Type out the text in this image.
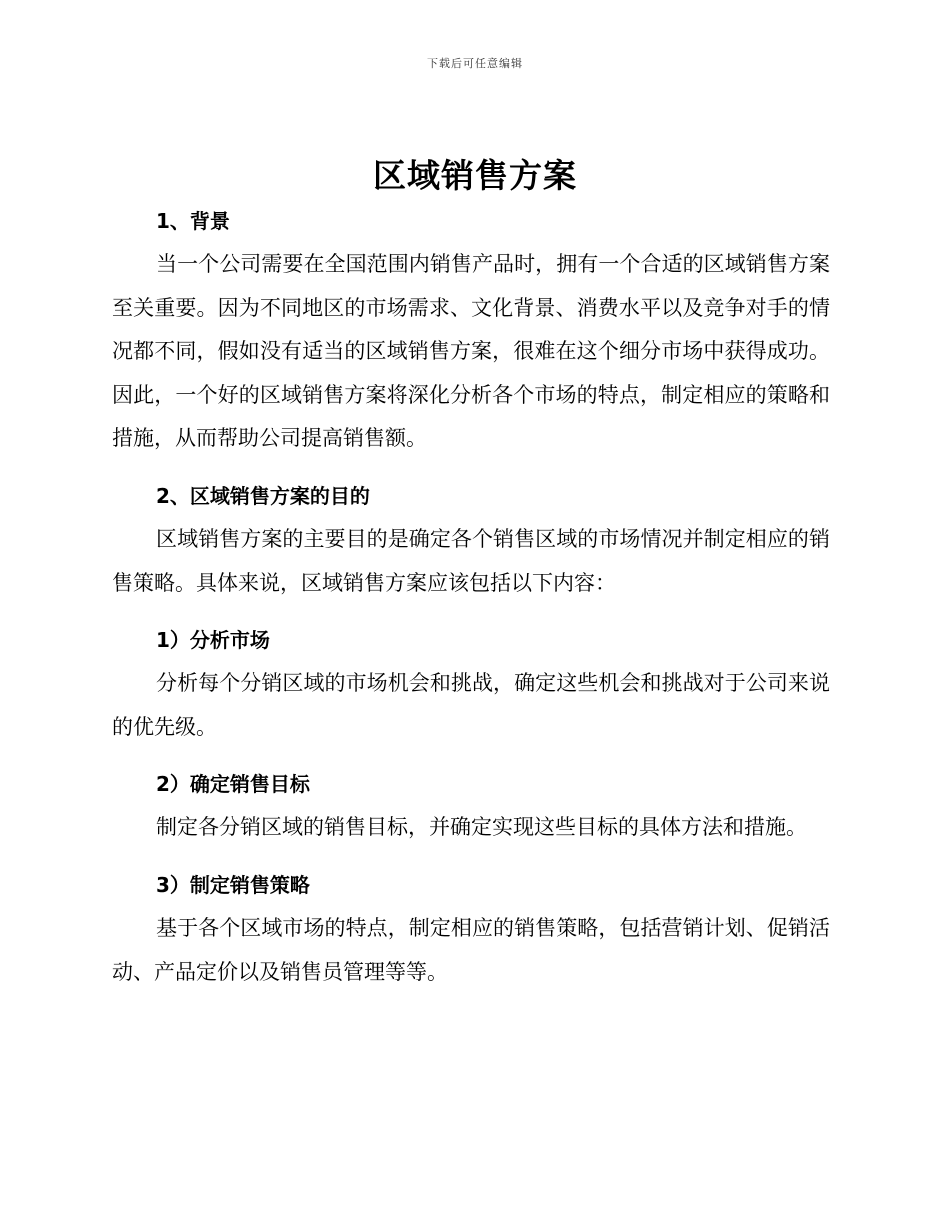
下载后可任意编辑
区域销售方案
1、背景

当一个公司需要在全国范围内销售产品时，拥有一个合适的区域销售方案至关重要。因为不同地区的市场需求、文化背景、消费水平以及竞争对手的情况都不同，假如没有适当的区域销售方案，很难在这个细分市场中获得成功。因此，一个好的区域销售方案将深化分析各个市场的特点，制定相应的策略和措施，从而帮助公司提高销售额。

2、区域销售方案的目的

区域销售方案的主要目的是确定各个销售区域的市场情况并制定相应的销售策略。具体来说，区域销售方案应该包括以下内容：

1）分析市场

分析每个分销区域的市场机会和挑战，确定这些机会和挑战对于公司来说的优先级。

2）确定销售目标

制定各分销区域的销售目标，并确定实现这些目标的具体方法和措施。

3）制定销售策略

基于各个区域市场的特点，制定相应的销售策略，包括营销计划、促销活动、产品定价以及销售员管理等等。
